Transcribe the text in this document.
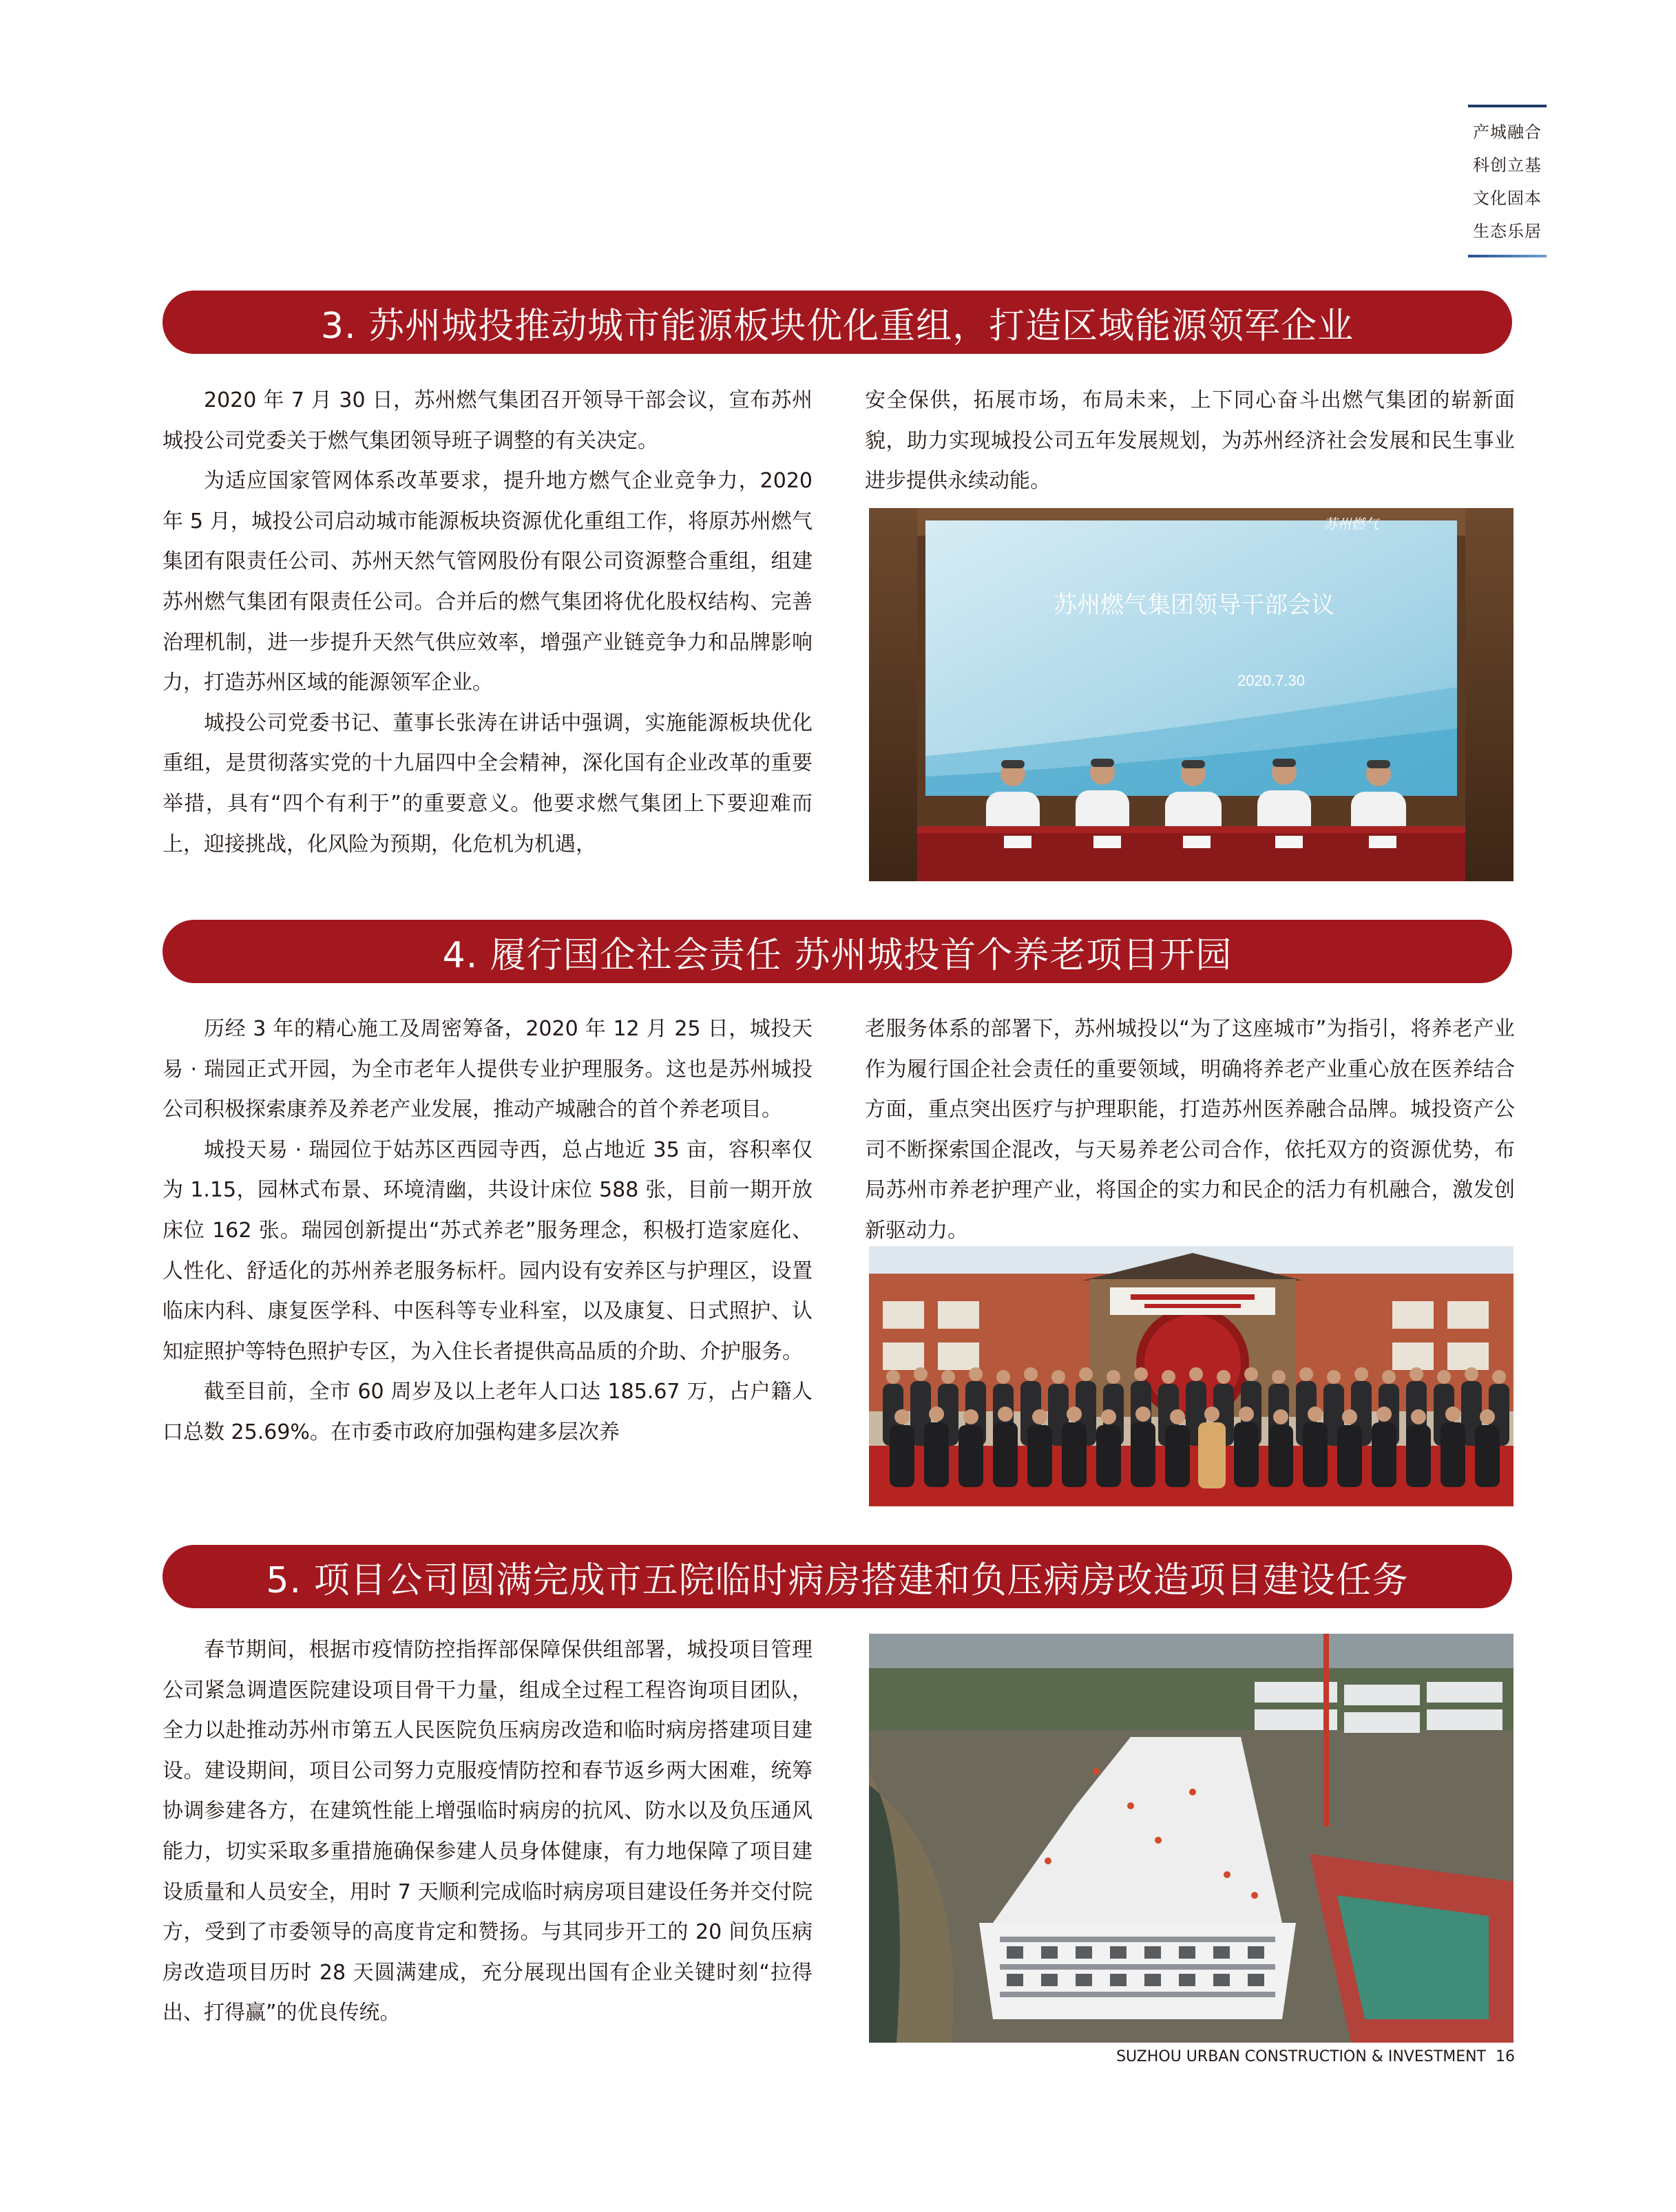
产城融合
科创立基
文化固本
生态乐居
3. 苏州城投推动城市能源板块优化重组，打造区域能源领军企业

2020 年 7 月 30 日，苏州燃气集团召开领导干部会议，宣布苏州城投公司党委关于燃气集团领导班子调整的有关决定。

为适应国家管网体系改革要求，提升地方燃气企业竞争力，2020 年 5 月，城投公司启动城市能源板块资源优化重组工作，将原苏州燃气集团有限责任公司、苏州天然气管网股份有限公司资源整合重组，组建苏州燃气集团有限责任公司。合并后的燃气集团将优化股权结构、完善治理机制，进一步提升天然气供应效率，增强产业链竞争力和品牌影响力，打造苏州区域的能源领军企业。

城投公司党委书记、董事长张涛在讲话中强调，实施能源板块优化重组，是贯彻落实党的十九届四中全会精神，深化国有企业改革的重要举措，具有“四个有利于”的重要意义。他要求燃气集团上下要迎难而上，迎接挑战，化风险为预期，化危机为机遇，

安全保供，拓展市场，布局未来，上下同心奋斗出燃气集团的崭新面貌，助力实现城投公司五年发展规划，为苏州经济社会发展和民生事业进步提供永续动能。

苏州燃气
苏州燃气集团领导干部会议
2020.7.30
4. 履行国企社会责任 苏州城投首个养老项目开园

历经 3 年的精心施工及周密筹备，2020 年 12 月 25 日，城投天易 · 瑞园正式开园，为全市老年人提供专业护理服务。这也是苏州城投公司积极探索康养及养老产业发展，推动产城融合的首个养老项目。

城投天易 · 瑞园位于姑苏区西园寺西，总占地近 35 亩，容积率仅为 1.15，园林式布景、环境清幽，共设计床位 588 张，目前一期开放床位 162 张。瑞园创新提出“苏式养老”服务理念，积极打造家庭化、人性化、舒适化的苏州养老服务标杆。园内设有安养区与护理区，设置临床内科、康复医学科、中医科等专业科室，以及康复、日式照护、认知症照护等特色照护专区，为入住长者提供高品质的介助、介护服务。

截至目前，全市 60 周岁及以上老年人口达 185.67 万，占户籍人口总数 25.69%。在市委市政府加强构建多层次养

老服务体系的部署下，苏州城投以“为了这座城市”为指引，将养老产业作为履行国企社会责任的重要领域，明确将养老产业重心放在医养结合方面，重点突出医疗与护理职能，打造苏州医养融合品牌。城投资产公司不断探索国企混改，与天易养老公司合作，依托双方的资源优势，布局苏州市养老护理产业，将国企的实力和民企的活力有机融合，激发创新驱动力。

5. 项目公司圆满完成市五院临时病房搭建和负压病房改造项目建设任务

春节期间，根据市疫情防控指挥部保障保供组部署，城投项目管理公司紧急调遣医院建设项目骨干力量，组成全过程工程咨询项目团队，全力以赴推动苏州市第五人民医院负压病房改造和临时病房搭建项目建设。建设期间，项目公司努力克服疫情防控和春节返乡两大困难，统筹协调参建各方，在建筑性能上增强临时病房的抗风、防水以及负压通风能力，切实采取多重措施确保参建人员身体健康，有力地保障了项目建设质量和人员安全，用时 7 天顺利完成临时病房项目建设任务并交付院方，受到了市委领导的高度肯定和赞扬。与其同步开工的 20 间负压病房改造项目历时 28 天圆满建成，充分展现出国有企业关键时刻“拉得出、打得赢”的优良传统。

SUZHOU URBAN CONSTRUCTION & INVESTMENT 16
